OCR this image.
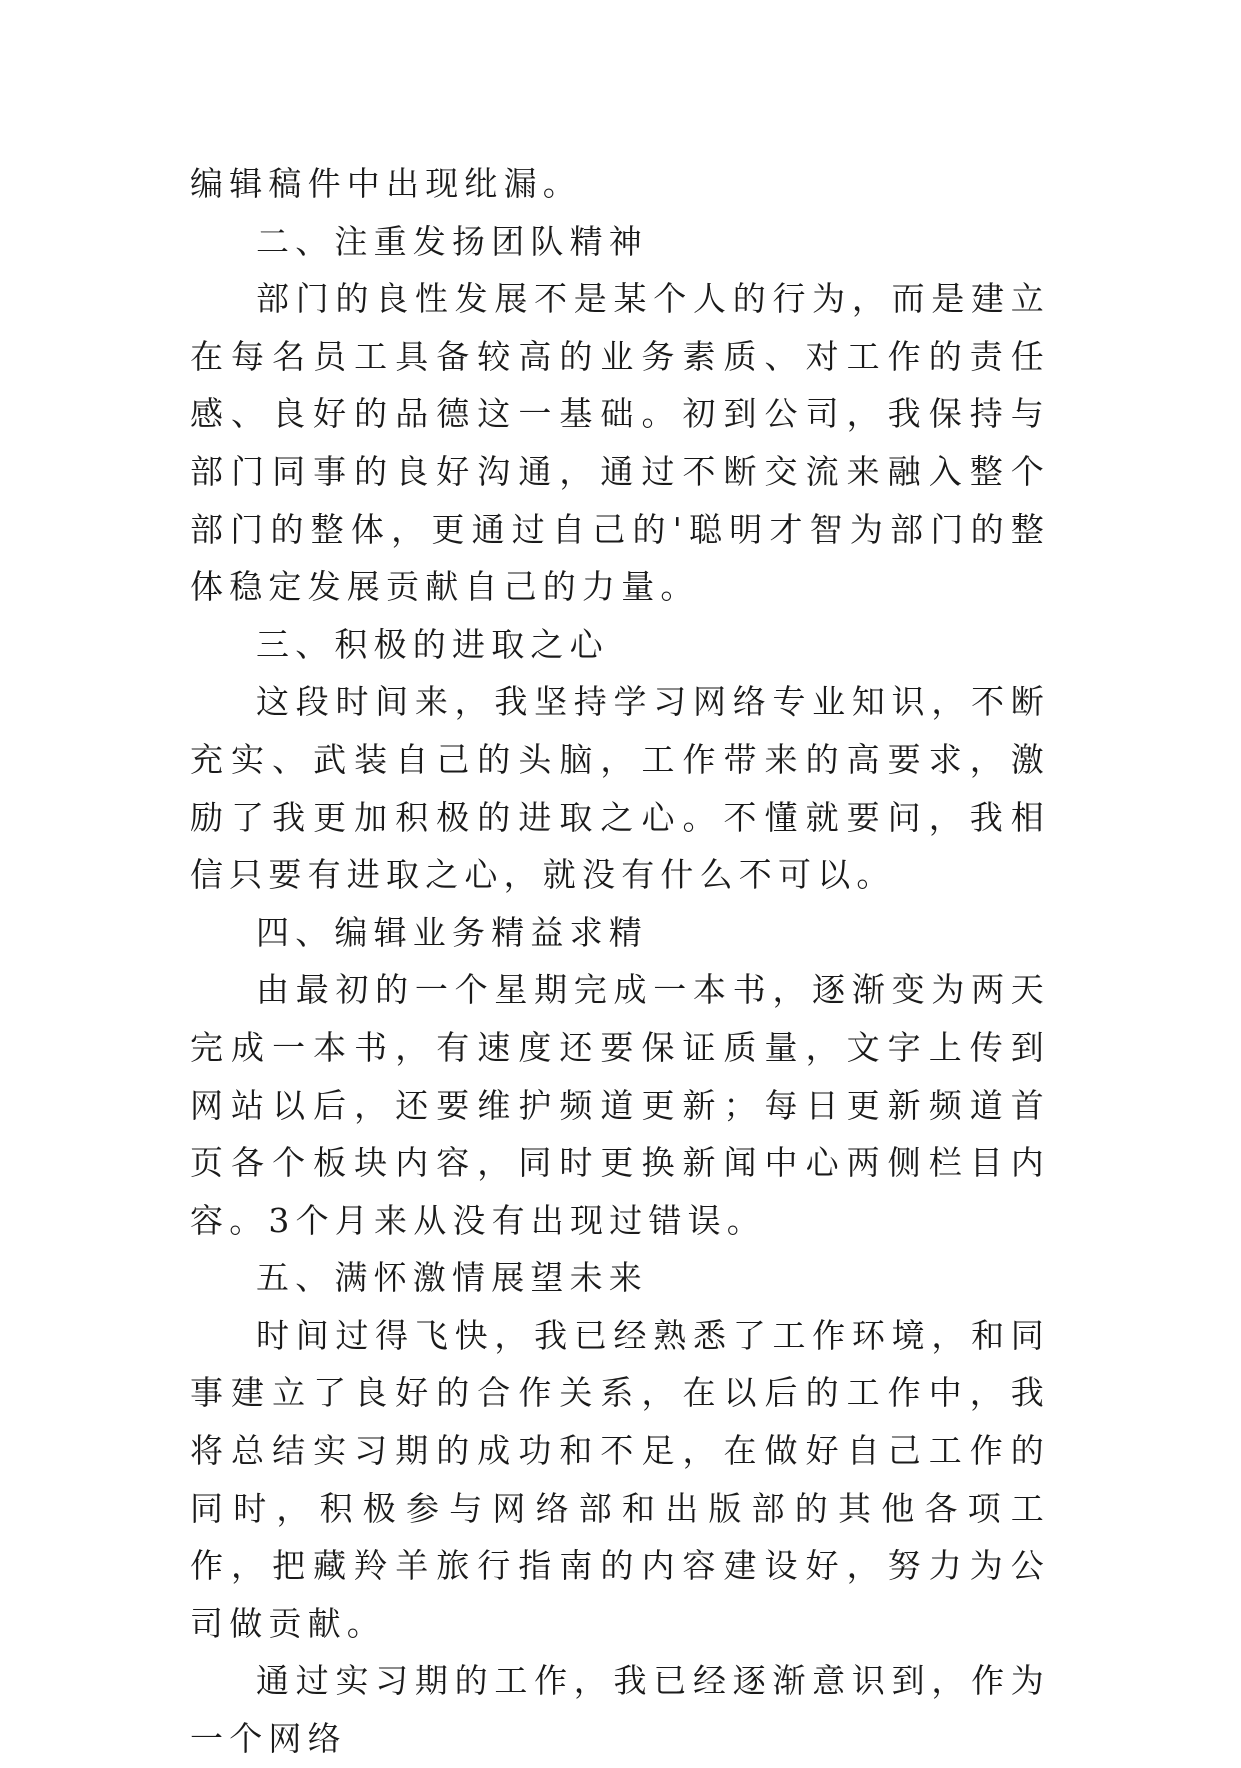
编辑稿件中出现纰漏。

二、注重发扬团队精神

部门的良性发展不是某个人的行为，而是建立在每名员工具备较高的业务素质、对工作的责任感、良好的品德这一基础。初到公司，我保持与部门同事的良好沟通，通过不断交流来融入整个部门的整体，更通过自己的'聪明才智为部门的整体稳定发展贡献自己的力量。

三、积极的进取之心

这段时间来，我坚持学习网络专业知识，不断充实、武装自己的头脑，工作带来的高要求，激励了我更加积极的进取之心。不懂就要问，我相信只要有进取之心，就没有什么不可以。

四、编辑业务精益求精

由最初的一个星期完成一本书，逐渐变为两天完成一本书，有速度还要保证质量，文字上传到网站以后，还要维护频道更新；每日更新频道首页各个板块内容，同时更换新闻中心两侧栏目内容。3个月来从没有出现过错误。

五、满怀激情展望未来

时间过得飞快，我已经熟悉了工作环境，和同事建立了良好的合作关系，在以后的工作中，我将总结实习期的成功和不足，在做好自己工作的同时，积极参与网络部和出版部的其他各项工作，把藏羚羊旅行指南的内容建设好，努力为公司做贡献。

通过实习期的工作，我已经逐渐意识到，作为一个网络
